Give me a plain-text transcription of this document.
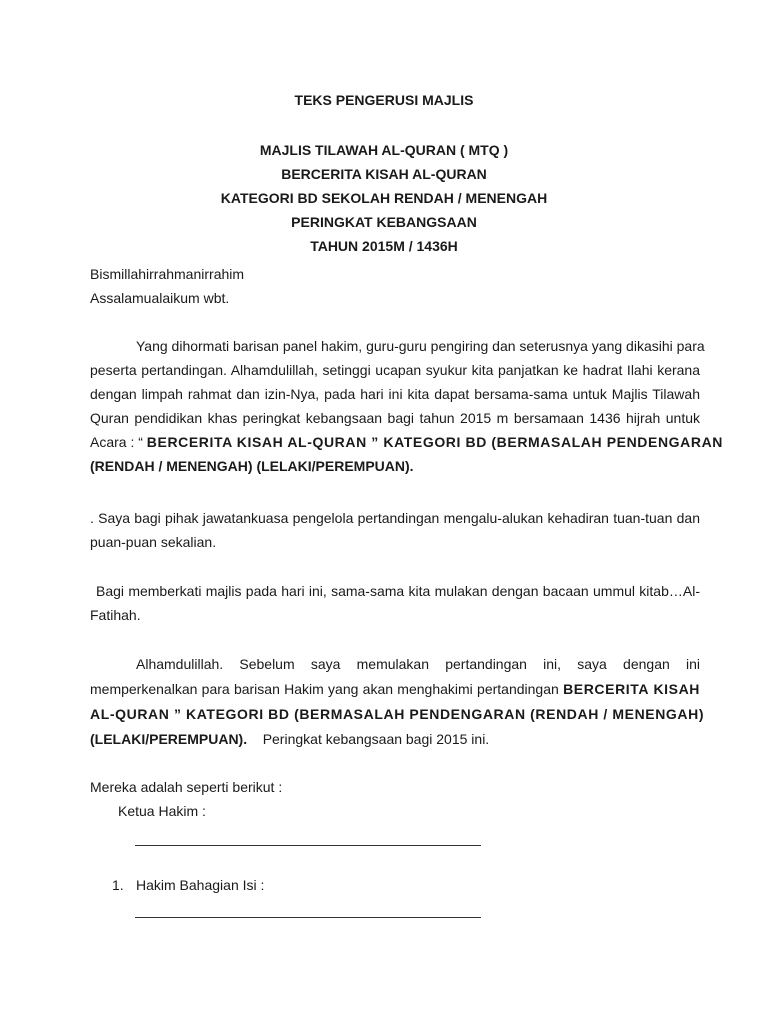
TEKS PENGERUSI MAJLIS
MAJLIS TILAWAH AL-QURAN ( MTQ )
BERCERITA KISAH AL-QURAN
KATEGORI BD SEKOLAH RENDAH / MENENGAH
PERINGKAT KEBANGSAAN
TAHUN 2015M / 1436H
Bismillahirrahmanirrahim
Assalamualaikum wbt.
Yang dihormati barisan panel hakim, guru-guru pengiring dan seterusnya yang dikasihi para
peserta pertandingan. Alhamdulillah, setinggi ucapan syukur kita panjatkan ke hadrat Ilahi kerana
dengan limpah rahmat dan izin-Nya, pada hari ini kita dapat bersama-sama untuk Majlis Tilawah
Quran pendidikan khas peringkat kebangsaan bagi tahun 2015 m bersamaan 1436 hijrah untuk
Acara : “ BERCERITA KISAH AL-QURAN ” KATEGORI BD (BERMASALAH PENDENGARAN
(RENDAH / MENENGAH) (LELAKI/PEREMPUAN).
. Saya bagi pihak jawatankuasa pengelola pertandingan mengalu-alukan kehadiran tuan-tuan dan
puan-puan sekalian.
Bagi memberkati majlis pada hari ini, sama-sama kita mulakan dengan bacaan ummul kitab…Al-
Fatihah.
Alhamdulillah. Sebelum saya memulakan pertandingan ini, saya dengan ini
memperkenalkan para barisan Hakim yang akan menghakimi pertandingan BERCERITA KISAH
AL-QURAN ” KATEGORI BD (BERMASALAH PENDENGARAN (RENDAH / MENENGAH)
(LELAKI/PEREMPUAN). Peringkat kebangsaan bagi 2015 ini.
Mereka adalah seperti berikut :
Ketua Hakim :
1. Hakim Bahagian Isi :
